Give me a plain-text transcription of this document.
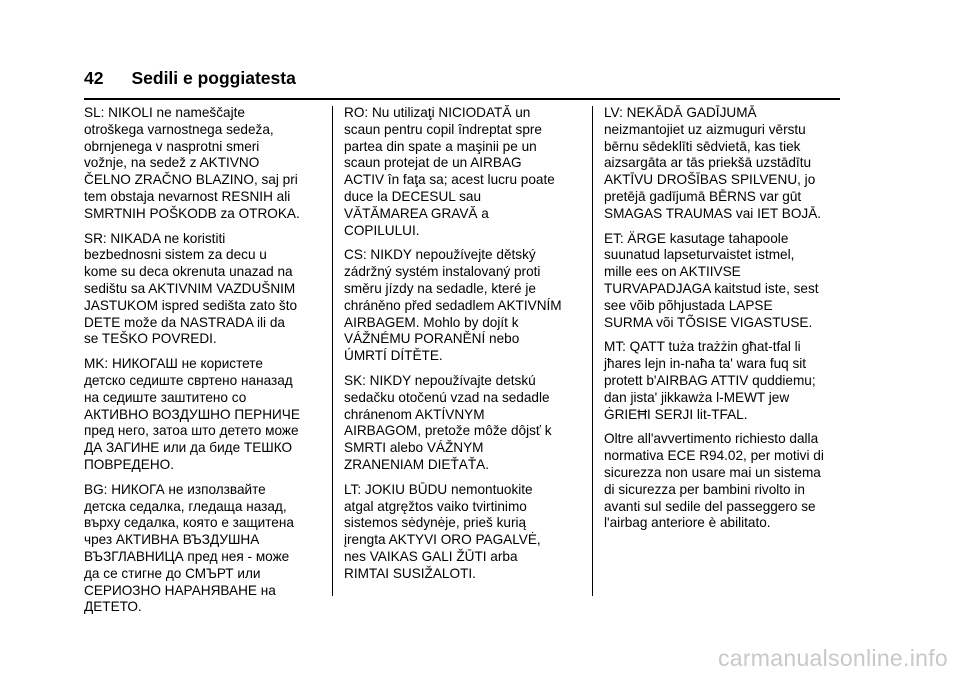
42 Sedili e poggiatesta

SL: NIKOLI ne nameščajte
otroškega varnostnega sedeža,
obrnjenega v nasprotni smeri
vožnje, na sedež z AKTIVNO
ČELNO ZRAČNO BLAZINO, saj pri
tem obstaja nevarnost RESNIH ali
SMRTNIH POŠKODB za OTROKA.

SR: NIKADA ne koristiti
bezbednosni sistem za decu u
kome su deca okrenuta unazad na
sedištu sa AKTIVNIM VAZDUŠNIM
JASTUKOM ispred sedišta zato što
DETE može da NASTRADA ili da
se TEŠKO POVREDI.

MK: НИКОГАШ не користете
детско седиште свртено наназад
на седиште заштитено со
АКТИВНО ВОЗДУШНО ПЕРНИЧЕ
пред него, затоа што детето може
ДА ЗАГИНЕ или да биде ТЕШКО
ПОВРЕДЕНО.

BG: НИКОГА не използвайте
детска седалка, гледаща назад,
върху седалка, която е защитена
чрез АКТИВНА ВЪЗДУШНА
ВЪЗГЛАВНИЦА пред нея - може
да се стигне до СМЪРТ или
СЕРИОЗНО НАРАНЯВАНЕ на
ДЕТЕТО.

RO: Nu utilizaţi NICIODATĂ un
scaun pentru copil îndreptat spre
partea din spate a maşinii pe un
scaun protejat de un AIRBAG
ACTIV în faţa sa; acest lucru poate
duce la DECESUL sau
VĂTĂMAREA GRAVĂ a
COPILULUI.

CS: NIKDY nepoužívejte dětský
zádržný systém instalovaný proti
směru jízdy na sedadle, které je
chráněno před sedadlem AKTIVNÍM
AIRBAGEM. Mohlo by dojít k
VÁŽNÉMU PORANĚNÍ nebo
ÚMRTÍ DÍTĚTE.

SK: NIKDY nepoužívajte detskú
sedačku otočenú vzad na sedadle
chránenom AKTÍVNYM
AIRBAGOM, pretože môže dôjsť k
SMRTI alebo VÁŽNYM
ZRANENIAM DIEŤAŤA.

LT: JOKIU BŪDU nemontuokite
atgal atgręžtos vaiko tvirtinimo
sistemos sėdynėje, prieš kurią
įrengta AKTYVI ORO PAGALVĖ,
nes VAIKAS GALI ŽŪTI arba
RIMTAI SUSIŽALOTI.

LV: NEKĀDĀ GADĪJUMĀ
neizmantojiet uz aizmuguri vērstu
bērnu sēdeklīti sēdvietā, kas tiek
aizsargāta ar tās priekšā uzstādītu
AKTĪVU DROŠĪBAS SPILVENU, jo
pretējā gadījumā BĒRNS var gūt
SMAGAS TRAUMAS vai IET BOJĀ.

ET: ÄRGE kasutage tahapoole
suunatud lapseturvaistet istmel,
mille ees on AKTIIVSE
TURVAPADJAGA kaitstud iste, sest
see võib põhjustada LAPSE
SURMA või TÕSISE VIGASTUSE.

MT: QATT tuża trażżin għat-tfal li
jħares lejn in-naħa ta' wara fuq sit
protett b'AIRBAG ATTIV quddiemu;
dan jista' jikkawża l-MEWT jew
ĠRIEĦI SERJI lit-TFAL.

Oltre all'avvertimento richiesto dalla
normativa ECE R94.02, per motivi di
sicurezza non usare mai un sistema
di sicurezza per bambini rivolto in
avanti sul sedile del passeggero se
l'airbag anteriore è abilitato.

carmanualsonline.info
